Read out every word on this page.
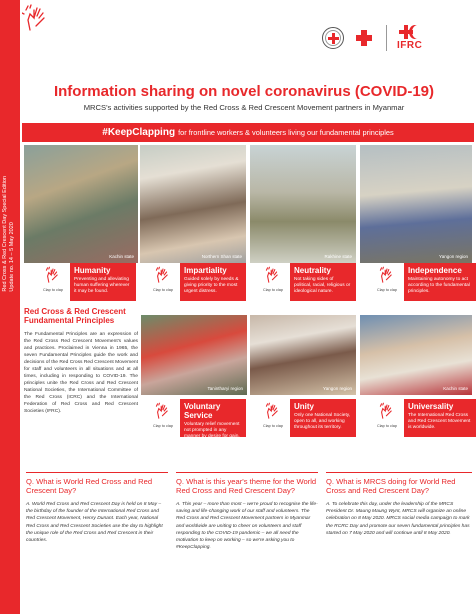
Red Cross & Red Crescent Day Special Edition Update no. 14 – 5 May 2020
IFRC
Information sharing on novel coronavirus (COVID-19)
MRCS's activities supported by the Red Cross & Red Crescent Movement partners in Myanmar
#KeepClapping for frontline workers & volunteers living our fundamental principles
Kachin state	Northern Shan state	Rakhine state	Yangon region
Tanintharyi region	Yangon region	Kachin state
Clap to clap
Humanity
Preventing and alleviating human suffering wherever it may be found.	Clap to clap
Impartiality
Guided solely by needs & giving priority to the most urgent distress.	Clap to clap
Neutrality
Not taking sides of political, racial, religious or ideological nature.	Clap to clap
Independence
Maintaining autonomy to act according to the fundamental principles.
Red Cross & Red Crescent Fundamental Principles
The Fundamental Principles are an expression of the Red Cross Red Crescent Movement's values and practices. Proclaimed in Vienna in 1965, the seven Fundamental Principles guide the work and decisions of the Red Cross Red Crescent Movement for staff and volunteers in all situations and at all times, including in responding to COVID-19. The principles unite the Red Cross and Red Crescent National Societies, the International Committee of the Red Cross (ICRC) and the International Federation of Red Cross and Red Crescent Societies (IFRC).
Clap to clap
Voluntary Service
Voluntary relief movement not prompted in any manner by desire for gain.
Clap to clap
Unity
Only one National Society, open to all, and working throughout its territory.	Clap to clap
Universality
The International Red Cross and Red Crescent Movement is worldwide.
Q. What is World Red Cross and Red Crescent Day?
A. World Red Cross and Red Crescent Day is held on 8 May – the birthday of the founder of the International Red Cross and Red Crescent Movement, Henry Dunant. Each year, National Red Cross and Red Crescent Societies use the day to highlight the unique role of the Red Cross and Red Crescent in their countries.
Q. What is this year's theme for the World Red Cross and Red Crescent Day?
A. This year – more than most – we're proud to recognise the life-saving and life-changing work of our staff and volunteers. The Red Cross and Red Crescent Movement partners in Myanmar and worldwide are uniting to cheer on volunteers and staff responding to the COVID-19 pandemic – we all need the motivation to keep on working – so we're asking you to #KeepClapping.
Q. What is MRCS doing for World Red Cross and Red Crescent Day?
A. To celebrate this day, under the leadership of the MRCS President Dr. Maung Maung Wynt, MRCS will organize an online celebration on 8 May 2020. MRCS social media campaign to mark the RCRC Day and promote our seven fundamental principles has started on 7 May 2020 and will continue until 8 May 2020.
